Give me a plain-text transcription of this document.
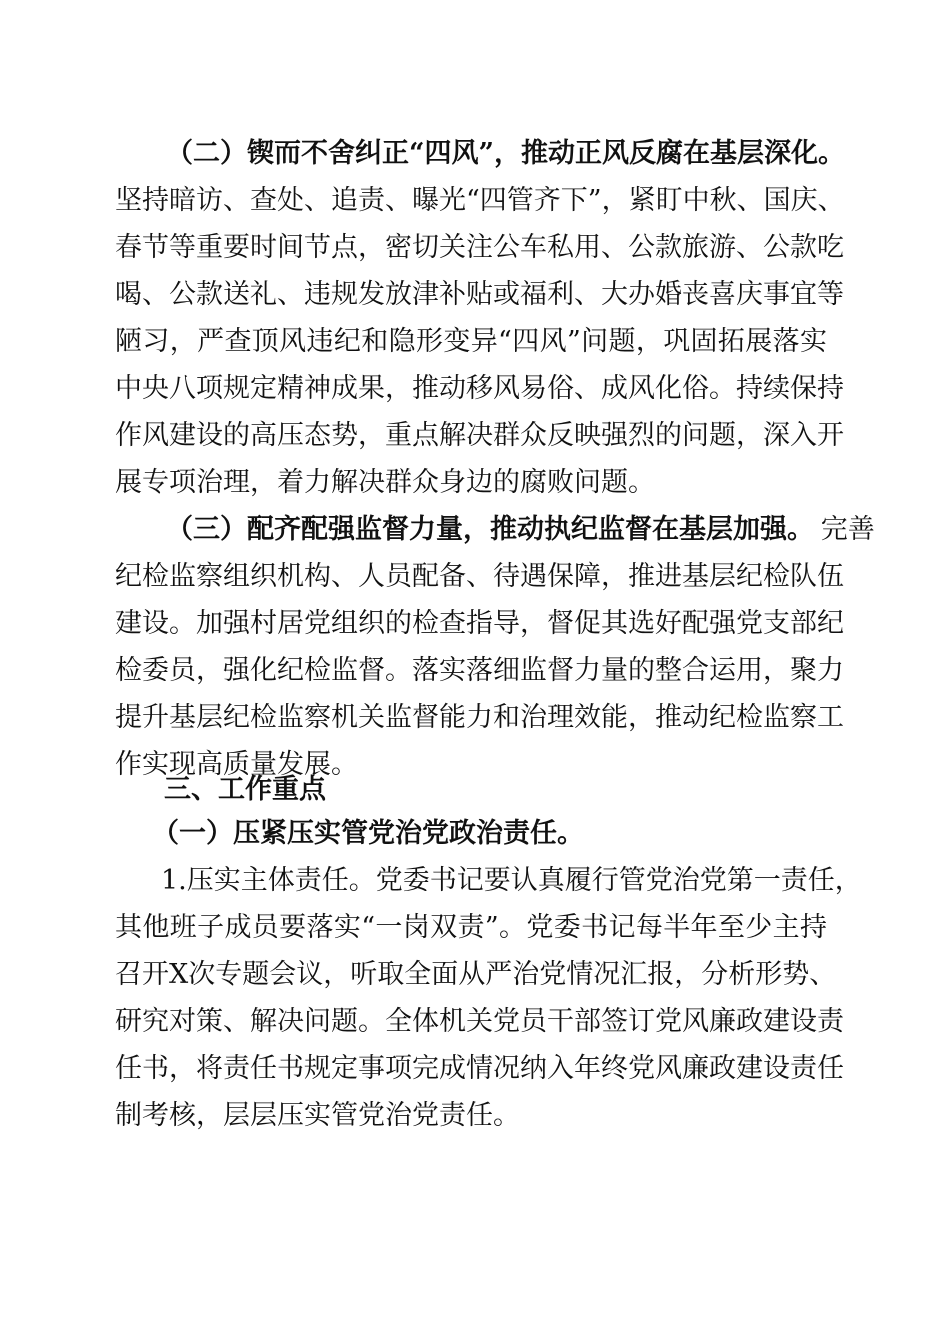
（二）锲而不舍纠正“四风”，推动正风反腐在基层深化。
坚持暗访、查处、追责、曝光“四管齐下”，紧盯中秋、国庆、
春节等重要时间节点，密切关注公车私用、公款旅游、公款吃
喝、公款送礼、违规发放津补贴或福利、大办婚丧喜庆事宜等
陋习，严查顶风违纪和隐形变异“四风”问题，巩固拓展落实
中央八项规定精神成果，推动移风易俗、成风化俗。持续保持
作风建设的高压态势，重点解决群众反映强烈的问题，深入开
展专项治理，着力解决群众身边的腐败问题。
（三）配齐配强监督力量，推动执纪监督在基层加强。  完善
纪检监察组织机构、人员配备、待遇保障，推进基层纪检队伍
建设。加强村居党组织的检查指导，督促其选好配强党支部纪
检委员，强化纪检监督。落实落细监督力量的整合运用，聚力
提升基层纪检监察机关监督能力和治理效能，推动纪检监察工
作实现高质量发展。
三、工作重点
（一）压紧压实管党治党政治责任。
1.压实主体责任。党委书记要认真履行管党治党第一责任，
其他班子成员要落实“一岗双责”。党委书记每半年至少主持
召开X次专题会议，听取全面从严治党情况汇报，分析形势、
研究对策、解决问题。全体机关党员干部签订党风廉政建设责
任书，将责任书规定事项完成情况纳入年终党风廉政建设责任
制考核，层层压实管党治党责任。
